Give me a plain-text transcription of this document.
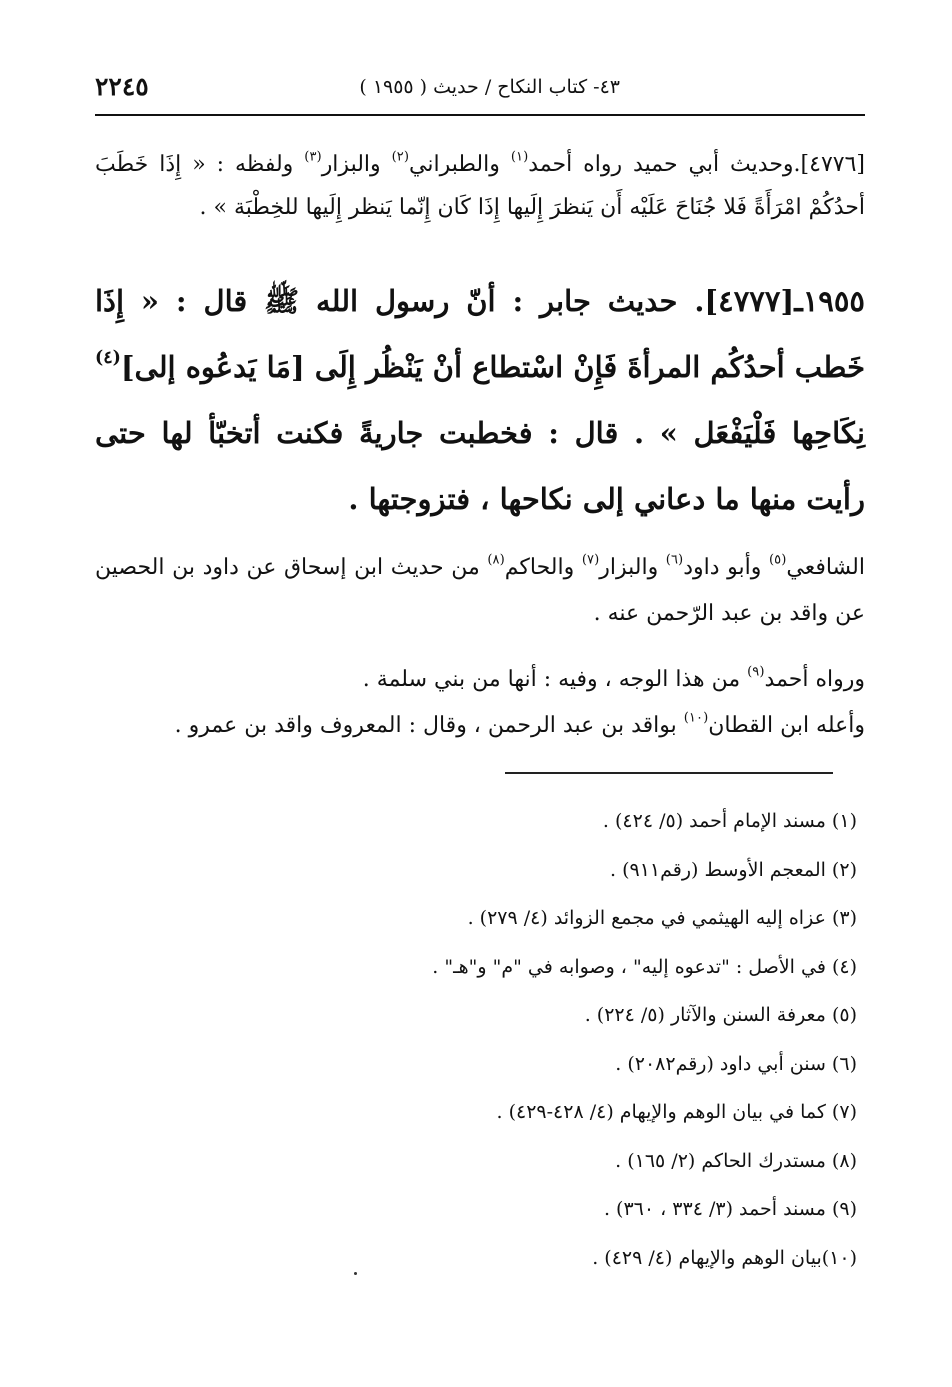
٤٣- كتاب النكاح / حديث ( ١٩٥٥ )
٢٢٤٥
[٤٧٧٦].وحديث أبي حميد رواه أحمد$^{(١)}$ والطبراني$^{(٢)}$ والبزار$^{(٣)}$ ولفظه : « إِذَا خَطَبَ أحدُكُمْ امْرَأَةً فَلا جُنَاحَ عَلَيْه أَن يَنظرَ إِلَيها إِذَا كَان إِنّما يَنظر إِلَيها للخِطْبَة » .
١٩٥٥ـ[٤٧٧٧]. حديث جابر : أنّ رسول الله ﷺ قال : « إِذَا خَطب أحدُكُم المرأةَ فَإِنْ اسْتطاع أنْ يَنْظُر إِلَى [مَا يَدعُوه إلى]$^{(٤)}$ نِكَاحِها فَلْيَفْعَل » . قال : فخطبت جاريةً فكنت أتخبّأ لها حتى رأيت منها ما دعاني إلى نكاحها ، فتزوجتها .
الشافعي$^{(٥)}$ وأبو داود$^{(٦)}$ والبزار$^{(٧)}$ والحاكم$^{(٨)}$ من حديث ابن إسحاق عن داود بن الحصين عن واقد بن عبد الرّحمن عنه .
ورواه أحمد$^{(٩)}$ من هذا الوجه ، وفيه : أنها من بني سلمة .
وأعله ابن القطان$^{(١٠)}$ بواقد بن عبد الرحمن ، وقال : المعروف واقد بن عمرو .
(١) مسند الإمام أحمد (٥/ ٤٢٤) .
(٢) المعجم الأوسط (رقم٩١١) .
(٣) عزاه إليه الهيثمي في مجمع الزوائد (٤/ ٢٧٩) .
(٤) في الأصل : "تدعوه إليه" ، وصوابه في "م" و"هـ" .
(٥) معرفة السنن والآثار (٥/ ٢٢٤) .
(٦) سنن أبي داود (رقم٢٠٨٢) .
(٧) كما في بيان الوهم والإيهام (٤/ ٤٢٨-٤٢٩) .
(٨) مستدرك الحاكم (٢/ ١٦٥) .
(٩) مسند أحمد (٣/ ٣٣٤ ، ٣٦٠) .
(١٠)بيان الوهم والإيهام (٤/ ٤٢٩) .
